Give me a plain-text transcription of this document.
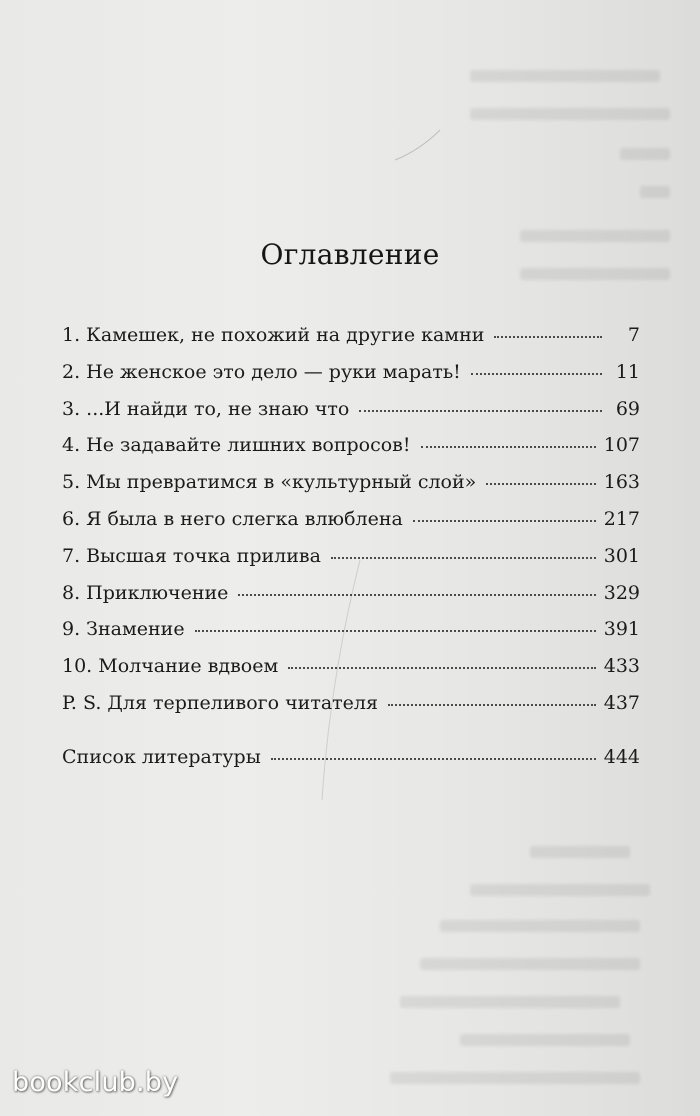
Оглавление
1. Камешек, не похожий на другие камни	7
2. Не женское это дело — руки марать!	11
3. ...И найди то, не знаю что	69
4. Не задавайте лишних вопросов!	107
5. Мы превратимся в «культурный слой»	163
6. Я была в него слегка влюблена	217
7. Высшая точка прилива	301
8. Приключение	329
9. Знамение	391
10. Молчание вдвоем	433
P. S. Для терпеливого читателя	437
Список литературы	444
bookclub.by
